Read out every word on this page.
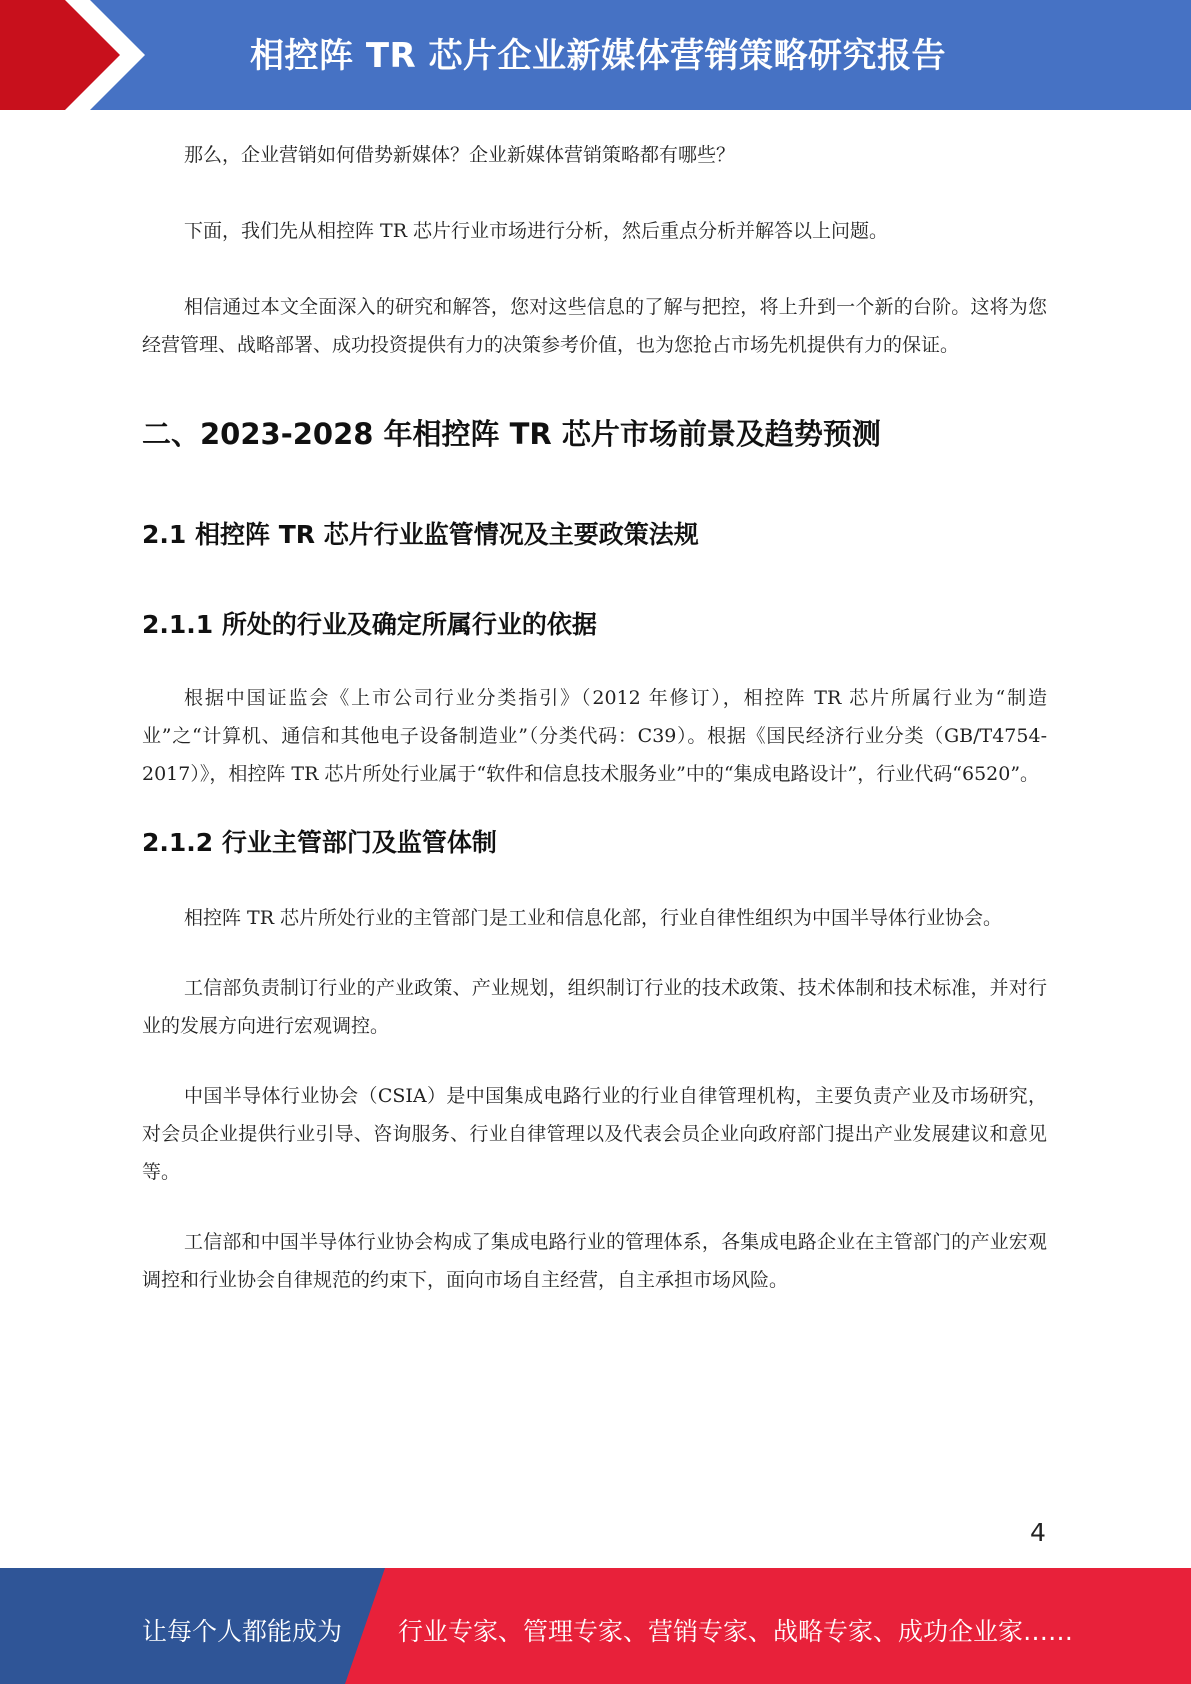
相控阵 TR 芯片企业新媒体营销策略研究报告

那么，企业营销如何借势新媒体？企业新媒体营销策略都有哪些？

下面，我们先从相控阵 TR 芯片行业市场进行分析，然后重点分析并解答以上问题。

相信通过本文全面深入的研究和解答，您对这些信息的了解与把控，将上升到一个新的台阶。这将为您经营管理、战略部署、成功投资提供有力的决策参考价值，也为您抢占市场先机提供有力的保证。

二、2023-2028 年相控阵 TR 芯片市场前景及趋势预测
2.1 相控阵 TR 芯片行业监管情况及主要政策法规
2.1.1 所处的行业及确定所属行业的依据

根据中国证监会《上市公司行业分类指引》（2012 年修订），相控阵 TR 芯片所属行业为“制造业”之“计算机、通信和其他电子设备制造业”（分类代码：C39）。根据《国民经济行业分类（GB/T4754-2017）》，相控阵 TR 芯片所处行业属于“软件和信息技术服务业”中的“集成电路设计”，行业代码“6520”。

2.1.2 行业主管部门及监管体制

相控阵 TR 芯片所处行业的主管部门是工业和信息化部，行业自律性组织为中国半导体行业协会。

工信部负责制订行业的产业政策、产业规划，组织制订行业的技术政策、技术体制和技术标准，并对行业的发展方向进行宏观调控。

中国半导体行业协会（CSIA）是中国集成电路行业的行业自律管理机构，主要负责产业及市场研究，对会员企业提供行业引导、咨询服务、行业自律管理以及代表会员企业向政府部门提出产业发展建议和意见等。

工信部和中国半导体行业协会构成了集成电路行业的管理体系，各集成电路企业在主管部门的产业宏观调控和行业协会自律规范的约束下，面向市场自主经营，自主承担市场风险。

4
让每个人都能成为 行业专家、管理专家、营销专家、战略专家、成功企业家……
